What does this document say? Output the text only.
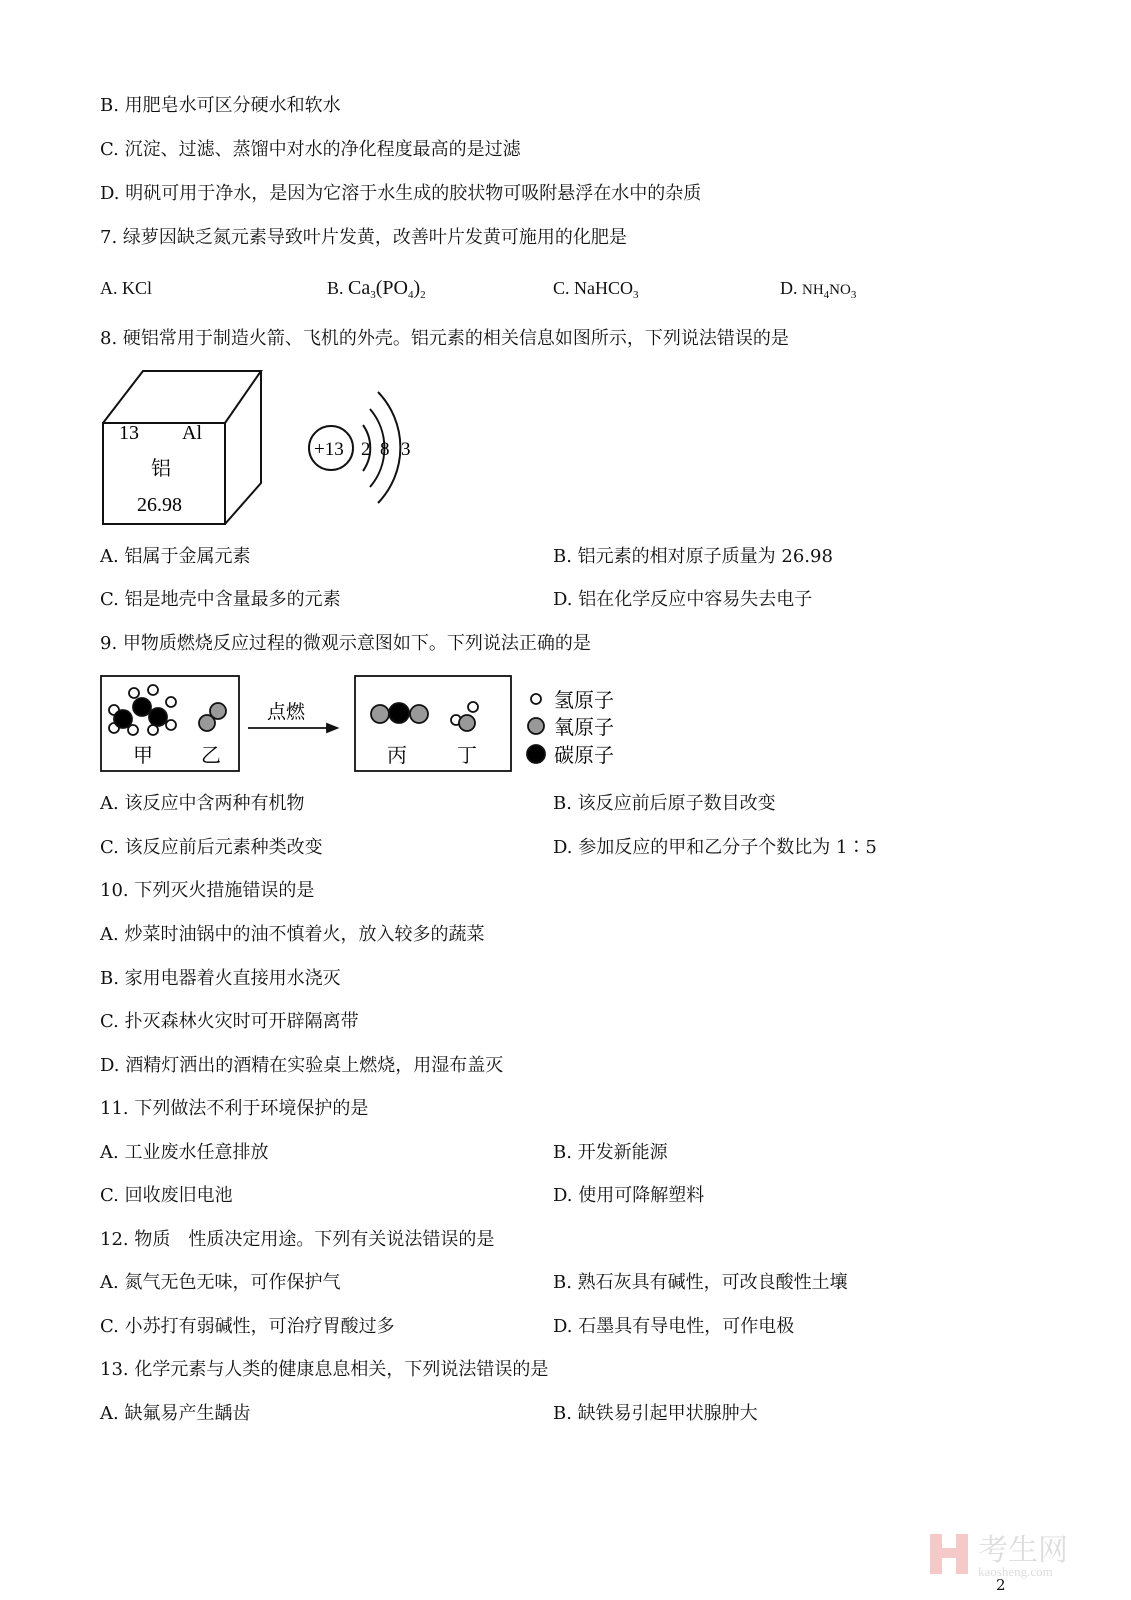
B. 用肥皂水可区分硬水和软水
C. 沉淀、过滤、蒸馏中对水的净化程度最高的是过滤
D. 明矾可用于净水，是因为它溶于水生成的胶状物可吸附悬浮在水中的杂质
7. 绿萝因缺乏氮元素导致叶片发黄，改善叶片发黄可施用的化肥是
A. KCl	B. $Ca_3(PO_4)_2$	C. NaHCO$_3$	D. $NH_4NO_3$
8. 硬铝常用于制造火箭、飞机的外壳。铝元素的相关信息如图所示，下列说法错误的是
13 Al
铝
26.98
+13 2 8 3
A. 铝属于金属元素	B. 铝元素的相对原子质量为 26.98
C. 铝是地壳中含量最多的元素	D. 铝在化学反应中容易失去电子
9. 甲物质燃烧反应过程的微观示意图如下。下列说法正确的是
甲 乙
点燃
丙	丁
氢原子
氧原子
碳原子
A. 该反应中含两种有机物	B. 该反应前后原子数目改变
C. 该反应前后元素种类改变	D. 参加反应的甲和乙分子个数比为 1∶5
10. 下列灭火措施错误的是
A. 炒菜时油锅中的油不慎着火，放入较多的蔬菜
B. 家用电器着火直接用水浇灭
C. 扑灭森林火灾时可开辟隔离带
D. 酒精灯洒出的酒精在实验桌上燃烧，用湿布盖灭
11. 下列做法不利于环境保护的是
A. 工业废水任意排放	B. 开发新能源
C. 回收废旧电池	D. 使用可降解塑料
12. 物质　性质决定用途。下列有关说法错误的是
A. 氮气无色无味，可作保护气	B. 熟石灰具有碱性，可改良酸性土壤
C. 小苏打有弱碱性，可治疗胃酸过多	D. 石墨具有导电性，可作电极
13. 化学元素与人类的健康息息相关，下列说法错误的是
A. 缺氟易产生龋齿	B. 缺铁易引起甲状腺肿大
考生网
kaosheng.com
2
